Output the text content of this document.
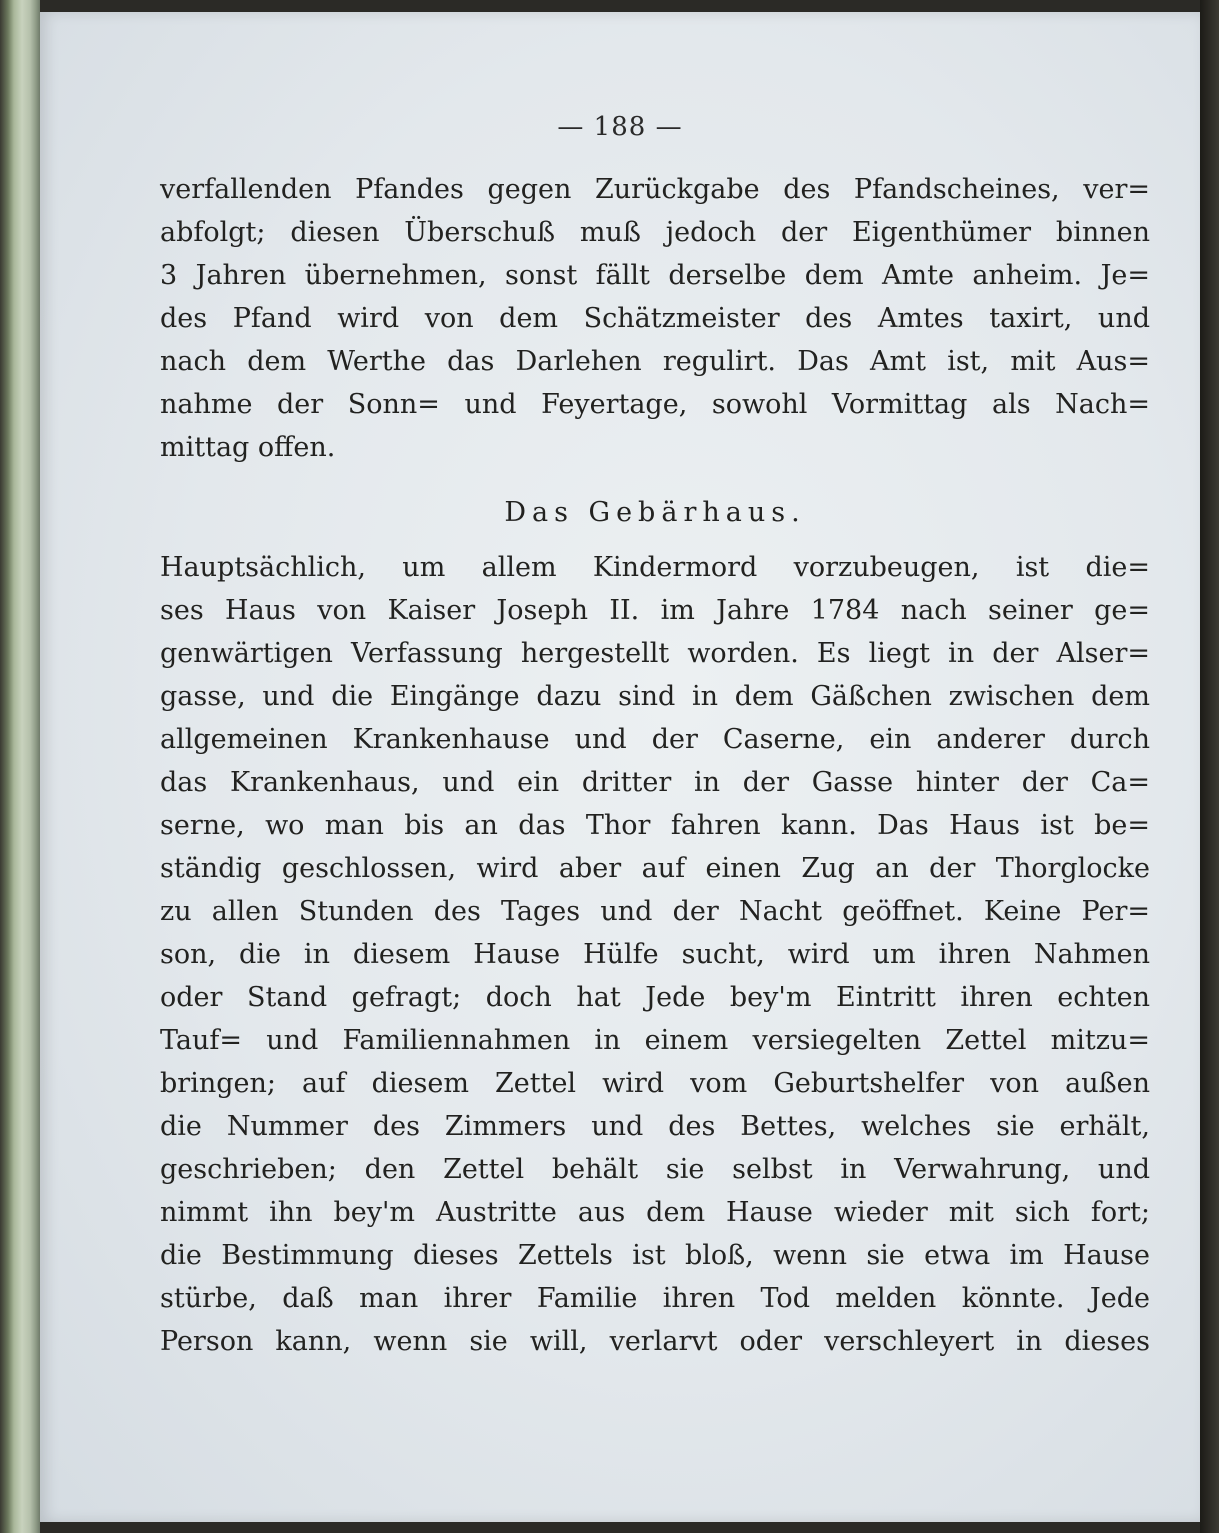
— 188 —
verfallenden Pfandes gegen Zurückgabe des Pfandscheines, ver=
abfolgt; diesen Überschuß muß jedoch der Eigenthümer binnen
3 Jahren übernehmen, sonst fällt derselbe dem Amte anheim. Je=
des Pfand wird von dem Schätzmeister des Amtes taxirt, und
nach dem Werthe das Darlehen regulirt. Das Amt ist, mit Aus=
nahme der Sonn= und Feyertage, sowohl Vormittag als Nach=
mittag offen.
Das Gebärhaus.
Hauptsächlich, um allem Kindermord vorzubeugen, ist die=
ses Haus von Kaiser Joseph II. im Jahre 1784 nach seiner ge=
genwärtigen Verfassung hergestellt worden. Es liegt in der Alser=
gasse, und die Eingänge dazu sind in dem Gäßchen zwischen dem
allgemeinen Krankenhause und der Caserne, ein anderer durch
das Krankenhaus, und ein dritter in der Gasse hinter der Ca=
serne, wo man bis an das Thor fahren kann. Das Haus ist be=
ständig geschlossen, wird aber auf einen Zug an der Thorglocke
zu allen Stunden des Tages und der Nacht geöffnet. Keine Per=
son, die in diesem Hause Hülfe sucht, wird um ihren Nahmen
oder Stand gefragt; doch hat Jede bey'm Eintritt ihren echten
Tauf= und Familiennahmen in einem versiegelten Zettel mitzu=
bringen; auf diesem Zettel wird vom Geburtshelfer von außen
die Nummer des Zimmers und des Bettes, welches sie erhält,
geschrieben; den Zettel behält sie selbst in Verwahrung, und
nimmt ihn bey'm Austritte aus dem Hause wieder mit sich fort;
die Bestimmung dieses Zettels ist bloß, wenn sie etwa im Hause
stürbe, daß man ihrer Familie ihren Tod melden könnte. Jede
Person kann, wenn sie will, verlarvt oder verschleyert in dieses
